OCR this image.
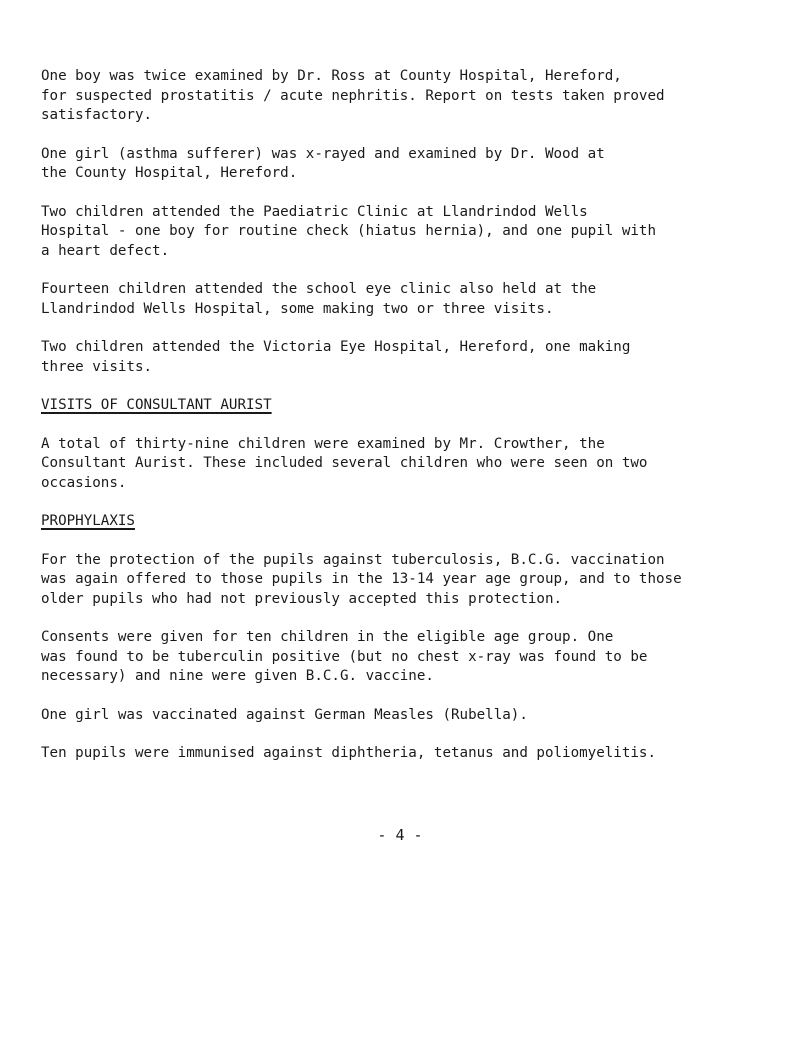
One boy was twice examined by Dr. Ross at County Hospital, Hereford,
for suspected prostatitis / acute nephritis. Report on tests taken proved
satisfactory.

One girl (asthma sufferer) was x-rayed and examined by Dr. Wood at
the County Hospital, Hereford.

Two children attended the Paediatric Clinic at Llandrindod Wells
Hospital - one boy for routine check (hiatus hernia), and one pupil with
a heart defect.

Fourteen children attended the school eye clinic also held at the
Llandrindod Wells Hospital, some making two or three visits.

Two children attended the Victoria Eye Hospital, Hereford, one making
three visits.

VISITS OF CONSULTANT AURIST

A total of thirty-nine children were examined by Mr. Crowther, the
Consultant Aurist. These included several children who were seen on two
occasions.

PROPHYLAXIS

For the protection of the pupils against tuberculosis, B.C.G. vaccination
was again offered to those pupils in the 13-14 year age group, and to those
older pupils who had not previously accepted this protection.

Consents were given for ten children in the eligible age group. One
was found to be tuberculin positive (but no chest x-ray was found to be
necessary) and nine were given B.C.G. vaccine.

One girl was vaccinated against German Measles (Rubella).

Ten pupils were immunised against diphtheria, tetanus and poliomyelitis.

- 4 -
